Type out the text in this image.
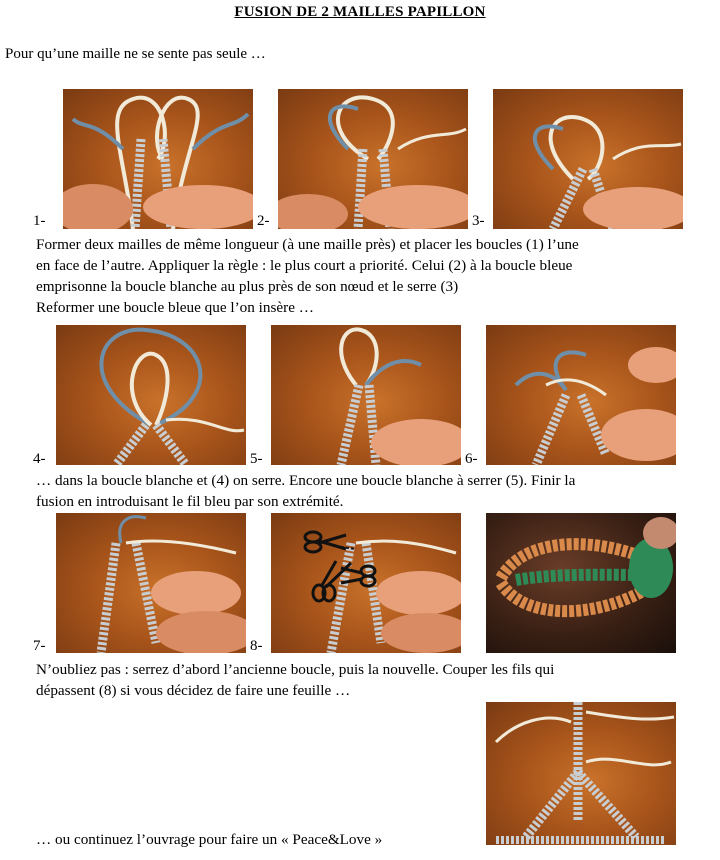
FUSION DE 2 MAILLES PAPILLON
Pour qu’une maille ne se sente pas seule …
1-	2-	3-
Former deux mailles de même longueur (à une maille près) et placer les boucles (1) l’une
en face de l’autre. Appliquer la règle : le plus court a priorité. Celui (2) à la boucle bleue
emprisonne la boucle blanche au plus près de son nœud et le serre (3)
Reformer une boucle bleue que l’on insère …
4-	5-	6-
… dans la boucle blanche et (4) on serre. Encore une boucle blanche à serrer (5). Finir la
fusion en introduisant le fil bleu par son extrémité.
7-	8-
N’oubliez pas : serrez d’abord l’ancienne boucle, puis la nouvelle. Couper les fils qui
dépassent (8) si vous décidez de faire une feuille …
… ou continuez l’ouvrage pour faire un « Peace&Love »
